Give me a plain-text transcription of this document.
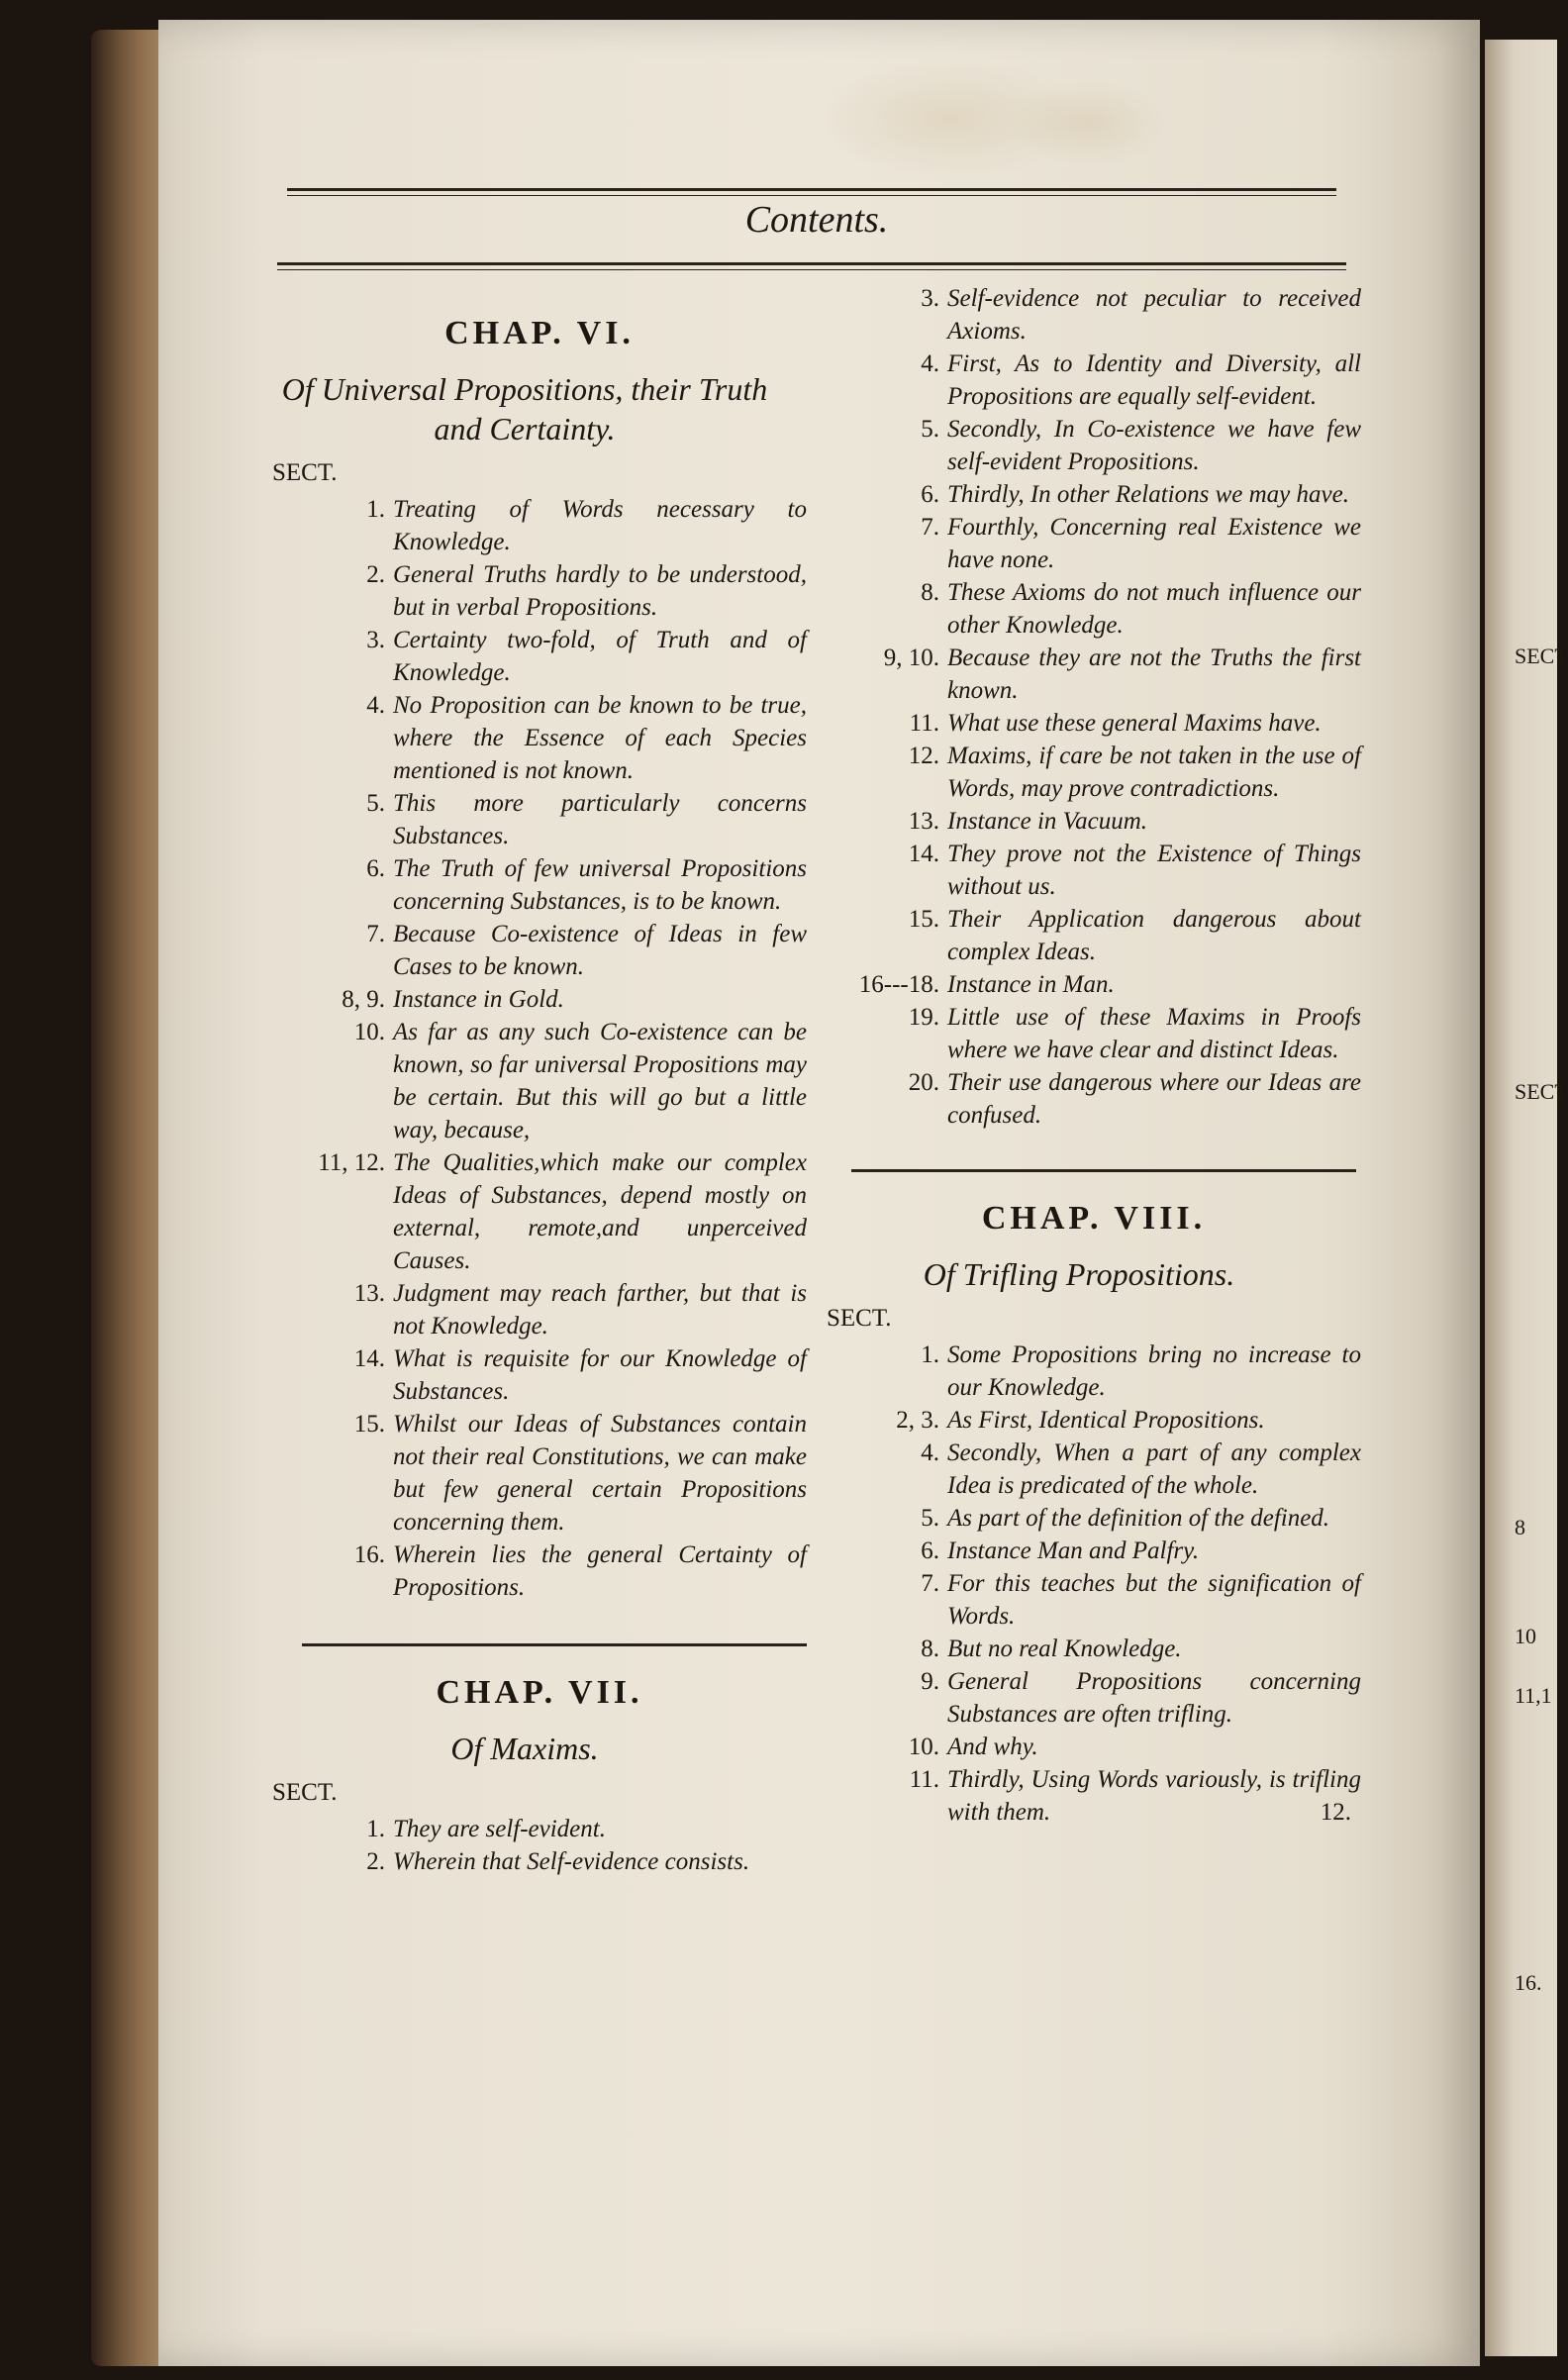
SECT
SECT
8
10
11,1
16.
Contents.
CHAP. VI.
Of Universal Propositions, their Truth and Certainty.
SECT.
1. Treating of Words necessary to Knowledge.
2. General Truths hardly to be understood, but in verbal Propositions.
3. Certainty two-fold, of Truth and of Knowledge.
4. No Proposition can be known to be true, where the Essence of each Species mentioned is not known.
5. This more particularly concerns Substances.
6. The Truth of few universal Propositions concerning Substances, is to be known.
7. Because Co-existence of Ideas in few Cases to be known.
8, 9. Instance in Gold.
10. As far as any such Co-existence can be known, so far universal Propositions may be certain. But this will go but a little way, because,
11, 12. The Qualities,which make our complex Ideas of Substances, depend mostly on external, remote,and unperceived Causes.
13. Judgment may reach farther, but that is not Knowledge.
14. What is requisite for our Knowledge of Substances.
15. Whilst our Ideas of Substances contain not their real Constitutions, we can make but few general certain Propositions concerning them.
16. Wherein lies the general Certainty of Propositions.
CHAP. VII.
Of Maxims.
SECT.
1. They are self-evident.
2. Wherein that Self-evidence consists.
3. Self-evidence not peculiar to received Axioms.
4. First, As to Identity and Diversity, all Propositions are equally self-evident.
5. Secondly, In Co-existence we have few self-evident Propositions.
6. Thirdly, In other Relations we may have.
7. Fourthly, Concerning real Existence we have none.
8. These Axioms do not much influence our other Knowledge.
9, 10. Because they are not the Truths the first known.
11. What use these general Maxims have.
12. Maxims, if care be not taken in the use of Words, may prove contradictions.
13. Instance in Vacuum.
14. They prove not the Existence of Things without us.
15. Their Application dangerous about complex Ideas.
16---18. Instance in Man.
19. Little use of these Maxims in Proofs where we have clear and distinct Ideas.
20. Their use dangerous where our Ideas are confused.
CHAP. VIII.
Of Trifling Propositions.
SECT.
1. Some Propositions bring no increase to our Knowledge.
2, 3. As First, Identical Propositions.
4. Secondly, When a part of any complex Idea is predicated of the whole.
5. As part of the definition of the defined.
6. Instance Man and Palfry.
7. For this teaches but the signification of Words.
8. But no real Knowledge.
9. General Propositions concerning Substances are often trifling.
10. And why.
11. Thirdly, Using Words variously, is trifling with them.	12.
